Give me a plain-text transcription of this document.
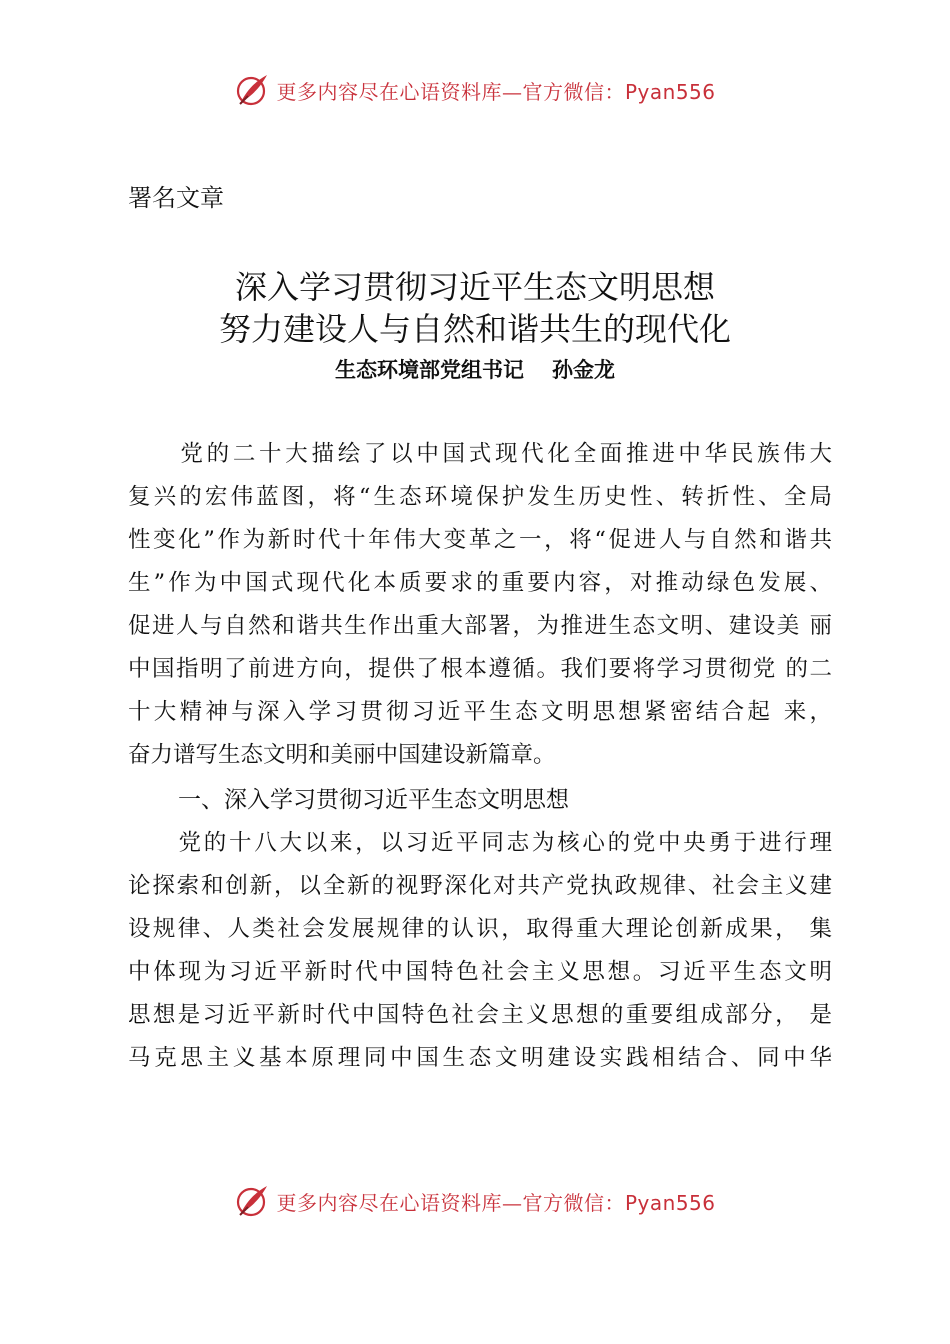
更多内容尽在心语资料库—官方微信：Pyan556
署名文章
深入学习贯彻习近平生态文明思想
努力建设人与自然和谐共生的现代化
生态环境部党组书记 孙金龙
　　党的二十大描绘了以中国式现代化全面推进中华民族伟大
复兴的宏伟蓝图，将“生态环境保护发生历史性、转折性、全局
性变化”作为新时代十年伟大变革之一，将“促进人与自然和谐共
生”作为中国式现代化本质要求的重要内容，对推动绿色发展、
促进人与自然和谐共生作出重大部署，为推进生态文明、建设美 丽
中国指明了前进方向，提供了根本遵循。我们要将学习贯彻党 的二
十大精神与深入学习贯彻习近平生态文明思想紧密结合起 来，
奋力谱写生态文明和美丽中国建设新篇章。
一、深入学习贯彻习近平生态文明思想
　　党的十八大以来，以习近平同志为核心的党中央勇于进行理
论探索和创新，以全新的视野深化对共产党执政规律、社会主义建
设规律、人类社会发展规律的认识，取得重大理论创新成果， 集
中体现为习近平新时代中国特色社会主义思想。习近平生态文明
思想是习近平新时代中国特色社会主义思想的重要组成部分， 是
马克思主义基本原理同中国生态文明建设实践相结合、同中华
更多内容尽在心语资料库—官方微信：Pyan556
